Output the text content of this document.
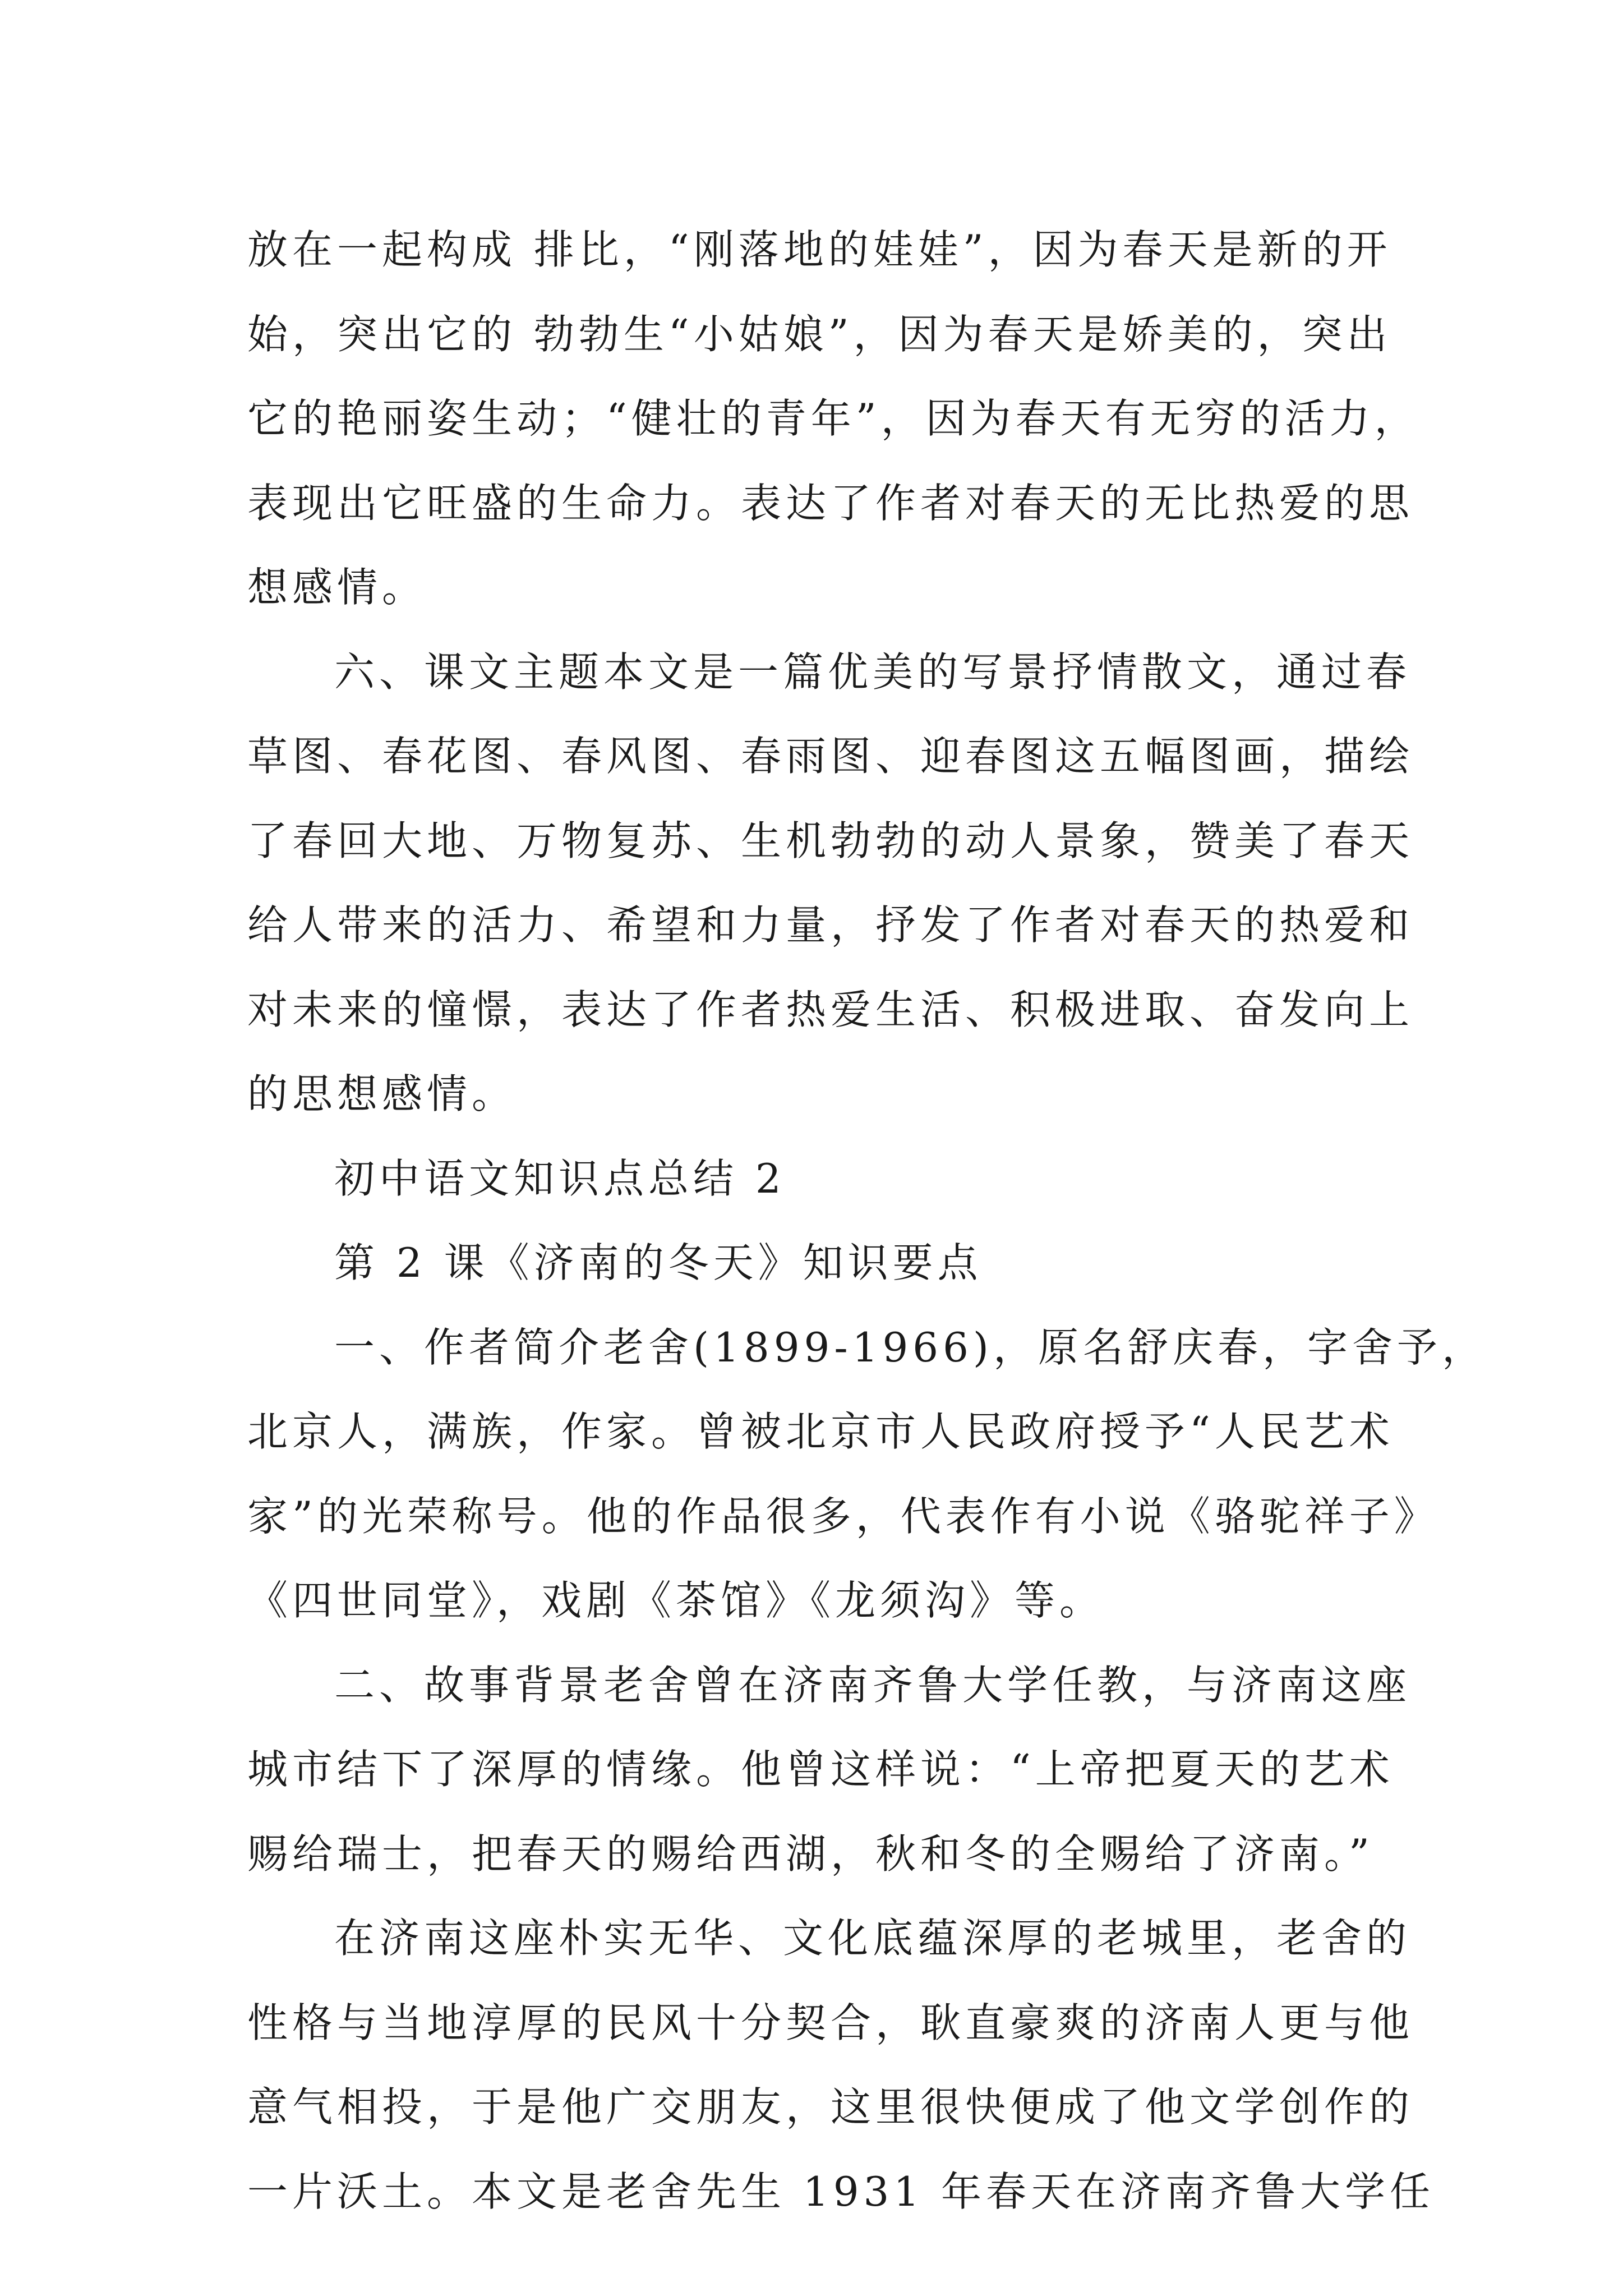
放在一起构成 排比，“刚落地的娃娃”，因为春天是新的开
始，突出它的 勃勃生“小姑娘”，因为春天是娇美的，突出
它的艳丽姿生动；“健壮的青年”，因为春天有无穷的活力，
表现出它旺盛的生命力。表达了作者对春天的无比热爱的思
想感情。
六、课文主题本文是一篇优美的写景抒情散文，通过春
草图、春花图、春风图、春雨图、迎春图这五幅图画，描绘
了春回大地、万物复苏、生机勃勃的动人景象，赞美了春天
给人带来的活力、希望和力量，抒发了作者对春天的热爱和
对未来的憧憬，表达了作者热爱生活、积极进取、奋发向上
的思想感情。
初中语文知识点总结 2
第 2 课《济南的冬天》知识要点
一、作者简介老舍(1899-1966)，原名舒庆春，字舍予，
北京人，满族，作家。曾被北京市人民政府授予“人民艺术
家”的光荣称号。他的作品很多，代表作有小说《骆驼祥子》
《四世同堂》，戏剧《茶馆》《龙须沟》等。
二、故事背景老舍曾在济南齐鲁大学任教，与济南这座
城市结下了深厚的情缘。他曾这样说：“上帝把夏天的艺术
赐给瑞士，把春天的赐给西湖，秋和冬的全赐给了济南。”
在济南这座朴实无华、文化底蕴深厚的老城里，老舍的
性格与当地淳厚的民风十分契合，耿直豪爽的济南人更与他
意气相投，于是他广交朋友，这里很快便成了他文学创作的
一片沃土。本文是老舍先生 1931 年春天在济南齐鲁大学任
